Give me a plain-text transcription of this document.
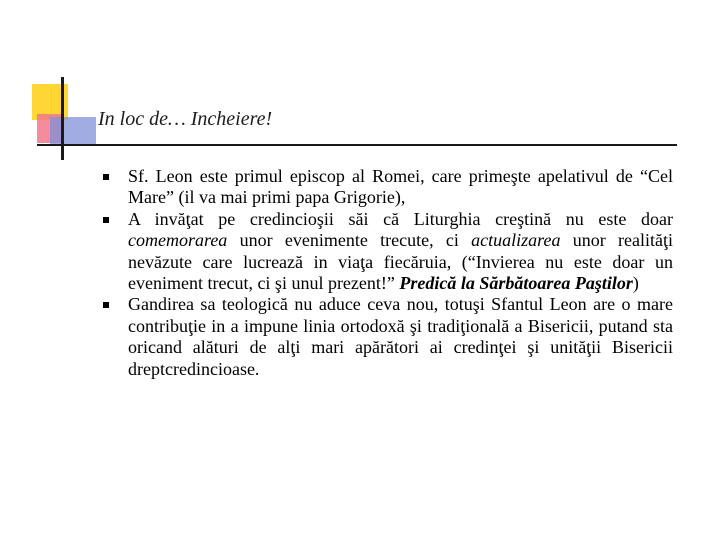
In loc de… Incheiere!
Sf. Leon este primul episcop al Romei, care primeşte apelativul de “Cel Mare” (il va mai primi papa Grigorie),
A invăţat pe credincioşii săi că Liturghia creştină nu este doar comemorarea unor evenimente trecute, ci actualizarea unor realităţi nevăzute care lucrează in viaţa fiecăruia, (“Invierea nu este doar un eveniment trecut, ci şi unul prezent!” Predică la Sărbătoarea Paştilor)
Gandirea sa teologică nu aduce ceva nou, totuşi Sfantul Leon are o mare contribuţie in a impune linia ortodoxă şi tradiţională a Bisericii, putand sta oricand alături de alţi mari apărători ai credinţei şi unităţii Bisericii dreptcredincioase.
